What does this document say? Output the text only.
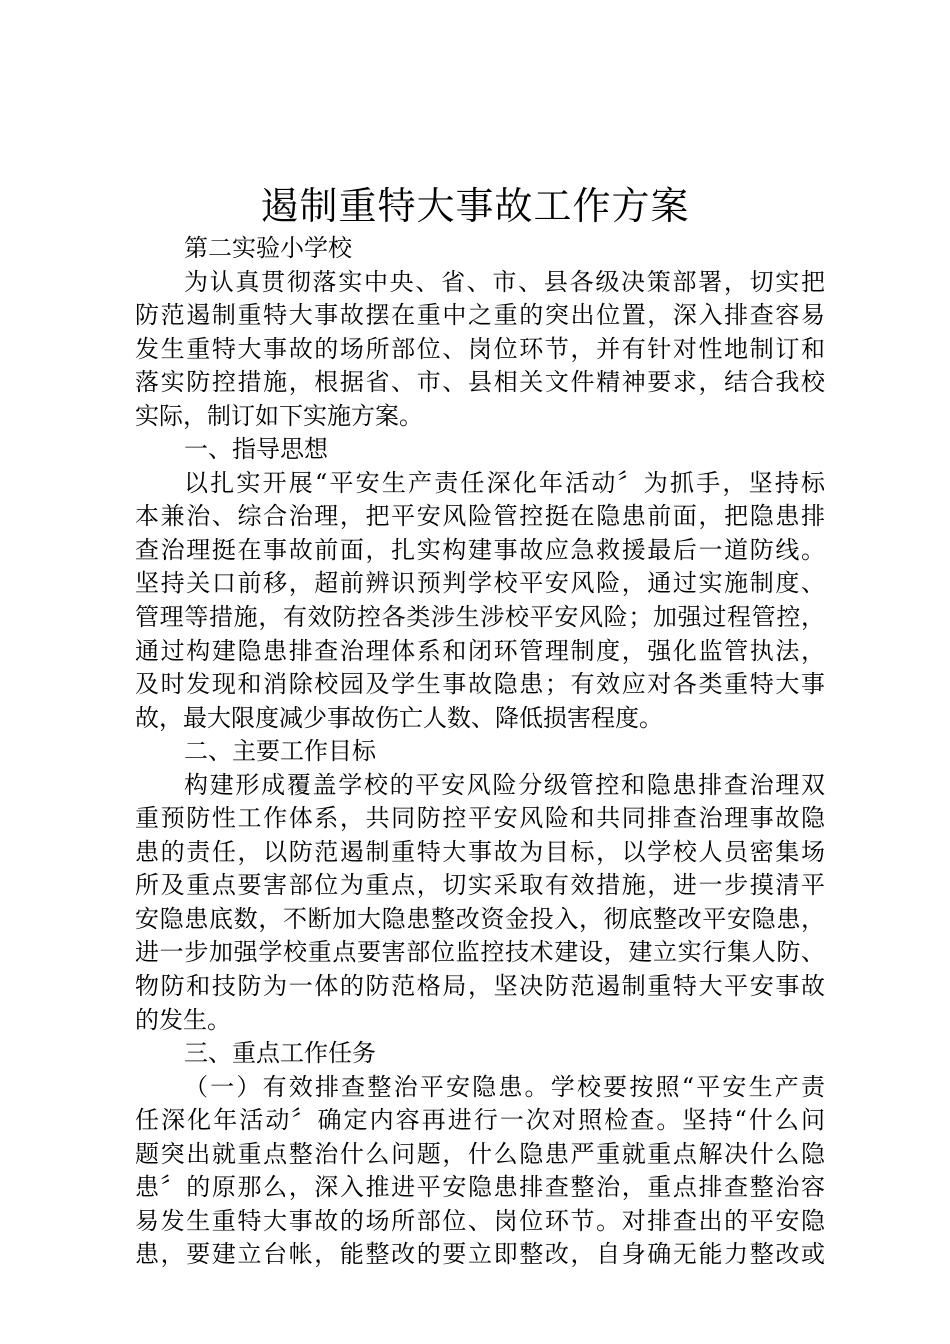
遏制重特大事故工作方案
第二实验小学校
为认真贯彻落实中央、省、市、县各级决策部署，切实把
防范遏制重特大事故摆在重中之重的突出位置，深入排查容易
发生重特大事故的场所部位、岗位环节，并有针对性地制订和
落实防控措施，根据省、市、县相关文件精神要求，结合我校
实际，制订如下实施方案。
一、指导思想
以扎实开展“平安生产责任深化年活动〞为抓手，坚持标
本兼治、综合治理，把平安风险管控挺在隐患前面，把隐患排
查治理挺在事故前面，扎实构建事故应急救援最后一道防线。
坚持关口前移，超前辨识预判学校平安风险，通过实施制度、
管理等措施，有效防控各类涉生涉校平安风险；加强过程管控，
通过构建隐患排查治理体系和闭环管理制度，强化监管执法，
及时发现和消除校园及学生事故隐患；有效应对各类重特大事
故，最大限度减少事故伤亡人数、降低损害程度。
二、主要工作目标
构建形成覆盖学校的平安风险分级管控和隐患排查治理双
重预防性工作体系，共同防控平安风险和共同排查治理事故隐
患的责任，以防范遏制重特大事故为目标，以学校人员密集场
所及重点要害部位为重点，切实采取有效措施，进一步摸清平
安隐患底数，不断加大隐患整改资金投入，彻底整改平安隐患，
进一步加强学校重点要害部位监控技术建设，建立实行集人防、
物防和技防为一体的防范格局，坚决防范遏制重特大平安事故
的发生。
三、重点工作任务
（一）有效排查整治平安隐患。学校要按照“平安生产责
任深化年活动〞确定内容再进行一次对照检查。坚持“什么问
题突出就重点整治什么问题，什么隐患严重就重点解决什么隐
患〞的原那么，深入推进平安隐患排查整治，重点排查整治容
易发生重特大事故的场所部位、岗位环节。对排查出的平安隐
患，要建立台帐，能整改的要立即整改，自身确无能力整改或
